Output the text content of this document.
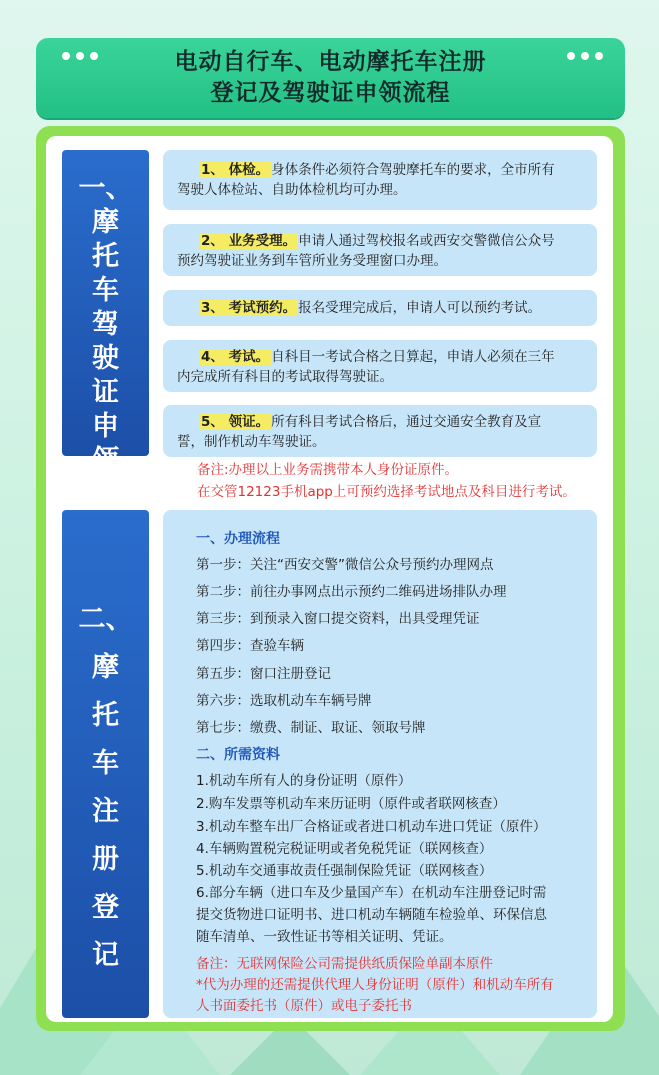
电动自行车、电动摩托车注册
登记及驾驶证申领流程
一、
摩
托
车
驾
驶
证
申
领
1、 体检。 身体条件必须符合驾驶摩托车的要求，全市所有
驾驶人体检站、自助体检机均可办理。
2、 业务受理。 申请人通过驾校报名或西安交警微信公众号
预约驾驶证业务到车管所业务受理窗口办理。
3、 考试预约。 报名受理完成后，申请人可以预约考试。
4、 考试。 自科目一考试合格之日算起，申请人必须在三年
内完成所有科目的考试取得驾驶证。
5、 领证。 所有科目考试合格后，通过交通安全教育及宣
誓，制作机动车驾驶证。
备注:办理以上业务需携带本人身份证原件。
在交管12123手机app上可预约选择考试地点及科目进行考试。
二、
摩
托
车
注
册
登
记
一、办理流程
第一步：关注“西安交警”微信公众号预约办理网点
第二步：前往办事网点出示预约二维码进场排队办理
第三步：到预录入窗口提交资料，出具受理凭证
第四步：查验车辆
第五步：窗口注册登记
第六步：选取机动车车辆号牌
第七步：缴费、制证、取证、领取号牌
二、所需资料
1.机动车所有人的身份证明（原件）
2.购车发票等机动车来历证明（原件或者联网核查）
3.机动车整车出厂合格证或者进口机动车进口凭证（原件）
4.车辆购置税完税证明或者免税凭证（联网核查）
5.机动车交通事故责任强制保险凭证（联网核查）
6.部分车辆（进口车及少量国产车）在机动车注册登记时需
提交货物进口证明书、进口机动车辆随车检验单、环保信息
随车清单、一致性证书等相关证明、凭证。
备注：无联网保险公司需提供纸质保险单副本原件
*代为办理的还需提供代理人身份证明（原件）和机动车所有
人书面委托书（原件）或电子委托书
